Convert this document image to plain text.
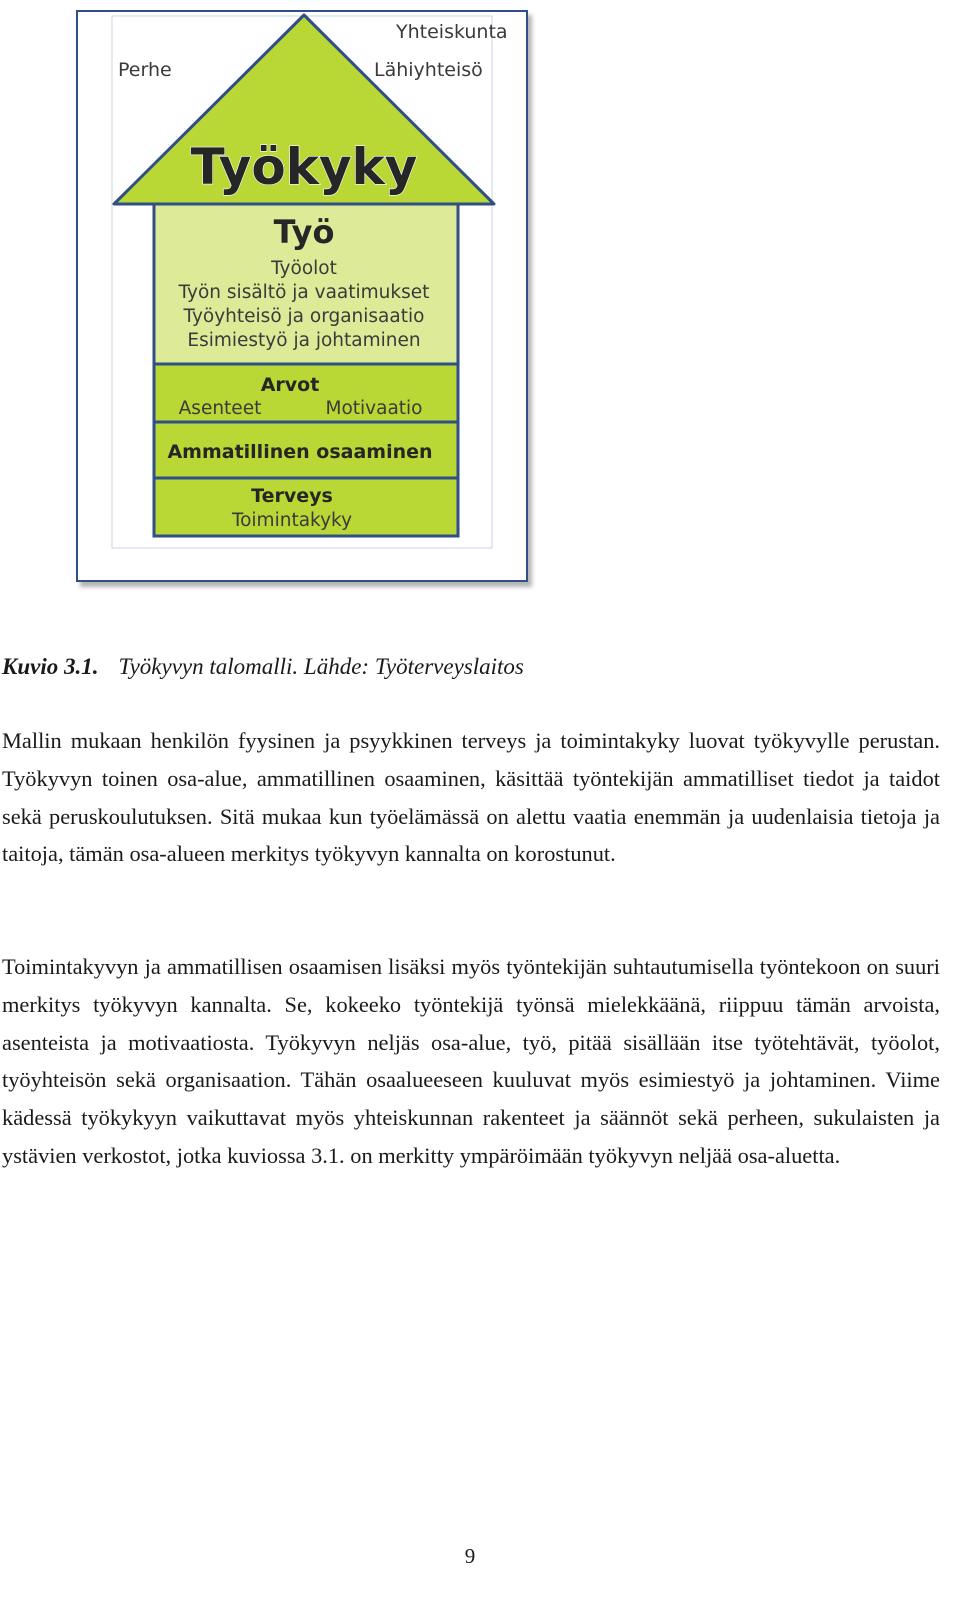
Yhteiskunta
Perhe	Lähiyhteisö
Työkyky
Työ
Työolot
Työn sisältö ja vaatimukset
Työyhteisö ja organisaatio
Esimiestyö ja johtaminen
Arvot
Asenteet	Motivaatio
Ammatillinen osaaminen
Terveys
Toimintakyky

Kuvio 3.1. Työkyvyn talomalli. Lähde: Työterveyslaitos

Mallin mukaan henkilön fyysinen ja psyykkinen terveys ja toimintakyky luovat työkyvylle perustan. Työkyvyn toinen osa-alue, ammatillinen osaaminen, käsittää työntekijän ammatilliset tiedot ja taidot sekä peruskoulutuksen. Sitä mukaa kun työelämässä on alettu vaatia enemmän ja uudenlaisia tietoja ja taitoja, tämän osa-alueen merkitys työkyvyn kannalta on korostunut.

Toimintakyvyn ja ammatillisen osaamisen lisäksi myös työntekijän suhtautumisella työntekoon on suuri merkitys työkyvyn kannalta. Se, kokeeko työntekijä työnsä mielekkäänä, riippuu tämän arvoista, asenteista ja motivaatiosta. Työkyvyn neljäs osa-alue, työ, pitää sisällään itse työtehtävät, työolot, työyhteisön sekä organisaation. Tähän osaalueeseen kuuluvat myös esimiestyö ja johtaminen. Viime kädessä työkykyyn vaikuttavat myös yhteiskunnan rakenteet ja säännöt sekä perheen, sukulaisten ja ystävien verkostot, jotka kuviossa 3.1. on merkitty ympäröimään työkyvyn neljää osa-aluetta.

9
